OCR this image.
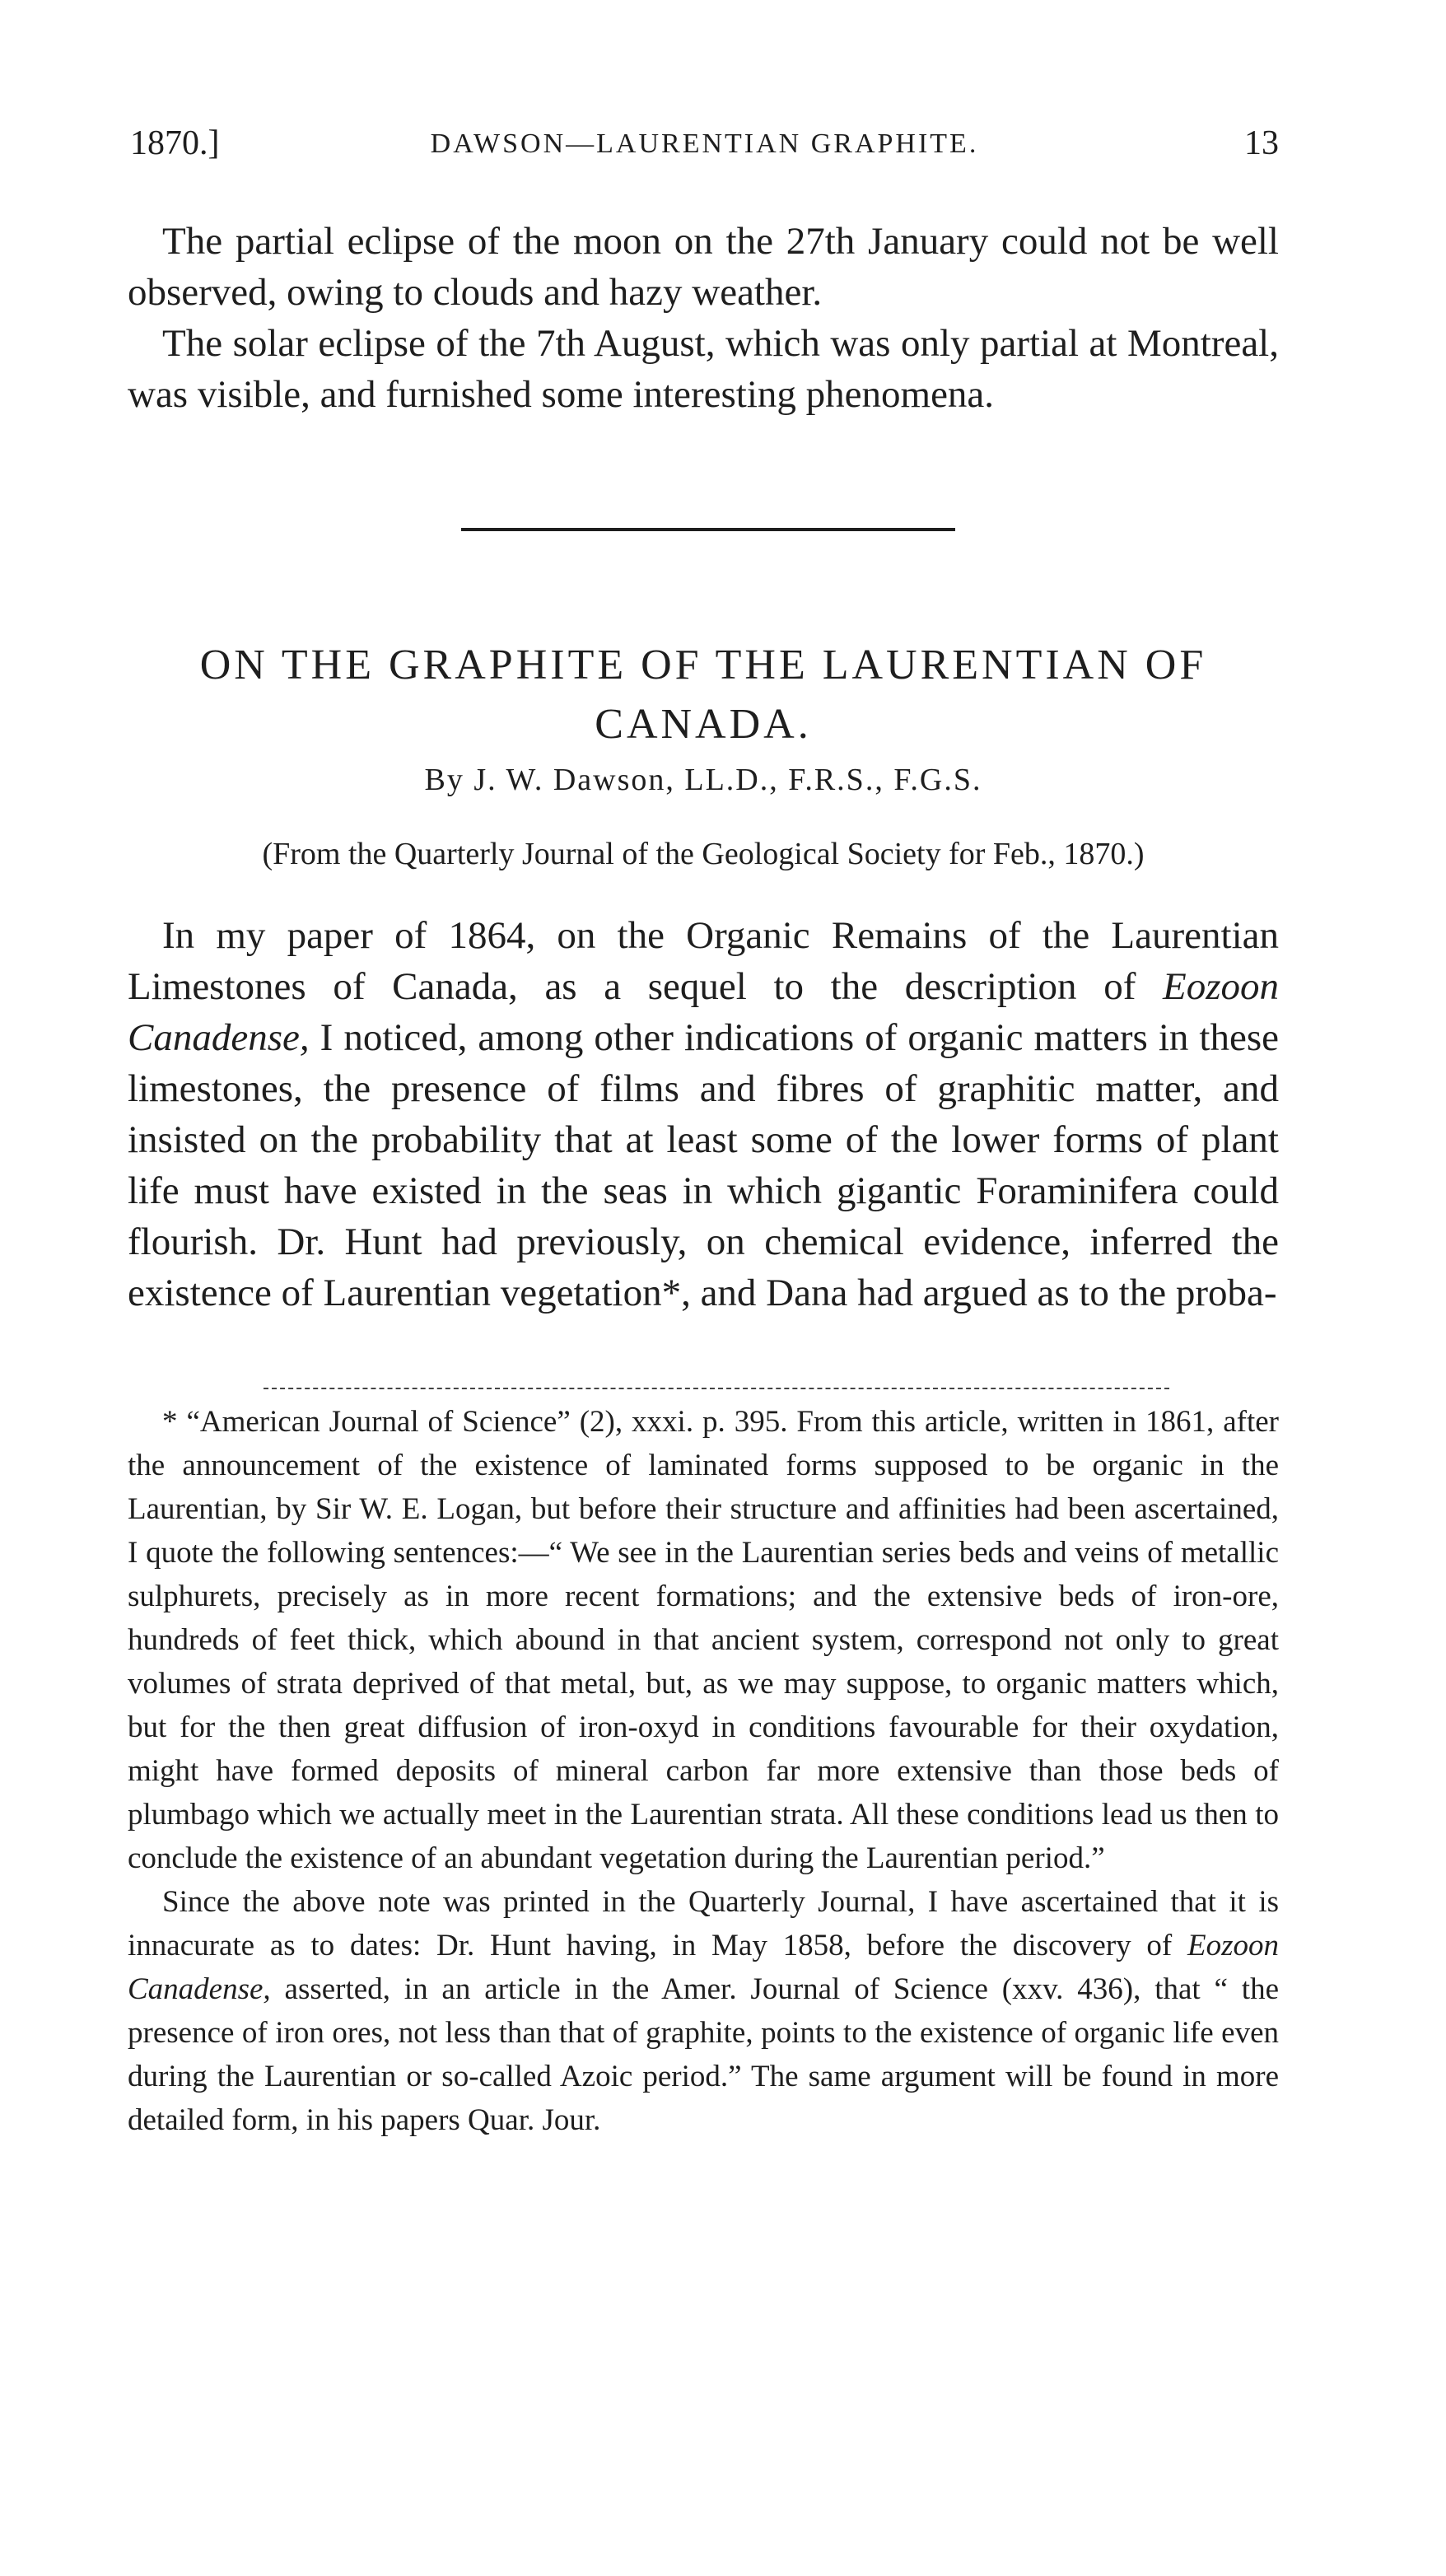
1870.]	DAWSON—LAURENTIAN GRAPHITE.	13

The partial eclipse of the moon on the 27th January could not be well observed, owing to clouds and hazy weather.

The solar eclipse of the 7th August, which was only partial at Montreal, was visible, and furnished some interesting phenomena.

ON THE GRAPHITE OF THE LAURENTIAN OF
CANADA.
By J. W. Dawson, LL.D., F.R.S., F.G.S.
(From the Quarterly Journal of the Geological Society for Feb., 1870.)

In my paper of 1864, on the Organic Remains of the Laurentian Limestones of Canada, as a sequel to the description of Eozoon Canadense, I noticed, among other indications of organic matters in these limestones, the presence of films and fibres of graphitic matter, and insisted on the probability that at least some of the lower forms of plant life must have existed in the seas in which gigantic Foraminifera could flourish. Dr. Hunt had previously, on chemical evidence, inferred the existence of Laurentian vegetation*, and Dana had argued as to the proba-

* “American Journal of Science” (2), xxxi. p. 395. From this article, written in 1861, after the announcement of the existence of laminated forms supposed to be organic in the Laurentian, by Sir W. E. Logan, but before their structure and affinities had been ascertained, I quote the following sentences:—“ We see in the Laurentian series beds and veins of metallic sulphurets, precisely as in more recent formations; and the extensive beds of iron-ore, hundreds of feet thick, which abound in that ancient system, correspond not only to great volumes of strata deprived of that metal, but, as we may suppose, to organic matters which, but for the then great diffusion of iron-oxyd in conditions favourable for their oxydation, might have formed deposits of mineral carbon far more extensive than those beds of plumbago which we actually meet in the Laurentian strata. All these conditions lead us then to conclude the existence of an abundant vegetation during the Laurentian period.”

Since the above note was printed in the Quarterly Journal, I have ascertained that it is innacurate as to dates: Dr. Hunt having, in May 1858, before the discovery of Eozoon Canadense, asserted, in an article in the Amer. Journal of Science (xxv. 436), that “ the presence of iron ores, not less than that of graphite, points to the existence of organic life even during the Laurentian or so-called Azoic period.” The same argument will be found in more detailed form, in his papers Quar. Jour.
